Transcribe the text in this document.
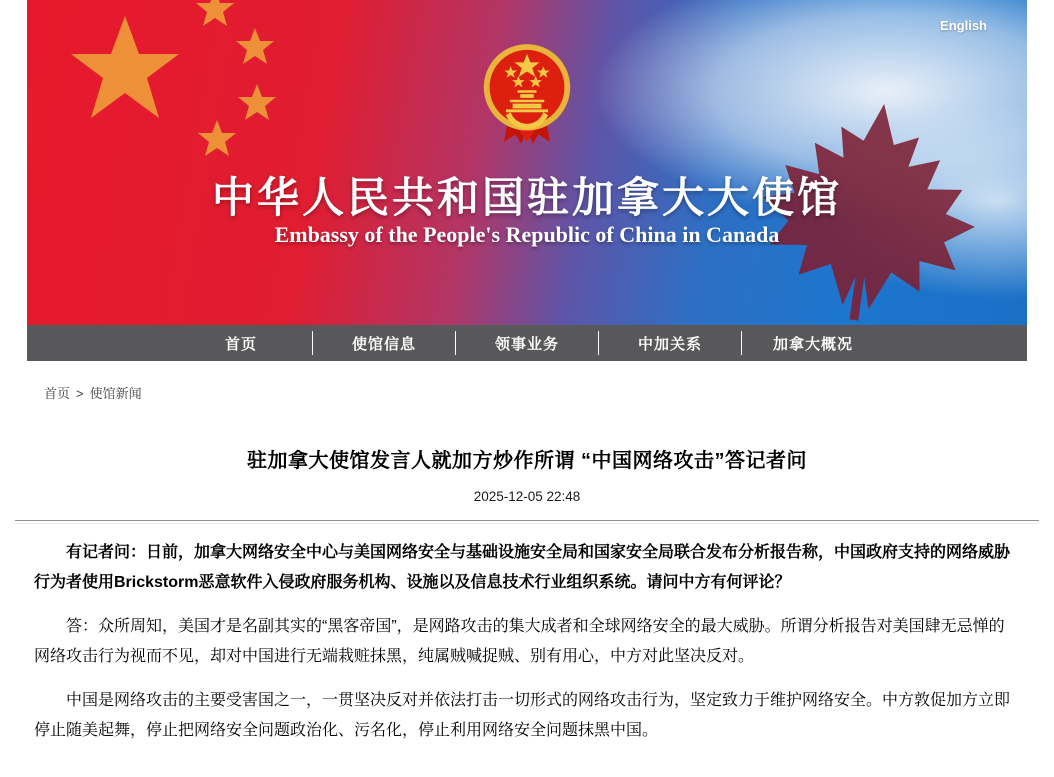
English
中华人民共和国驻加拿大大使馆
Embassy of the People's Republic of China in Canada
首页	使馆信息	领事业务	中加关系	加拿大概况
首页 > 使馆新闻
驻加拿大使馆发言人就加方炒作所谓 “中国网络攻击”答记者问
2025-12-05 22:48

有记者问：日前，加拿大网络安全中心与美国网络安全与基础设施安全局和国家安全局联合发布分析报告称，中国政府支持的网络威胁行为者使用Brickstorm恶意软件入侵政府服务机构、设施以及信息技术行业组织系统。请问中方有何评论？

答：众所周知，美国才是名副其实的“黑客帝国”，是网路攻击的集大成者和全球网络安全的最大威胁。所谓分析报告对美国肆无忌惮的网络攻击行为视而不见，却对中国进行无端栽赃抹黑，纯属贼喊捉贼、别有用心，中方对此坚决反对。

中国是网络攻击的主要受害国之一，一贯坚决反对并依法打击一切形式的网络攻击行为，坚定致力于维护网络安全。中方敦促加方立即停止随美起舞，停止把网络安全问题政治化、污名化，停止利用网络安全问题抹黑中国。
